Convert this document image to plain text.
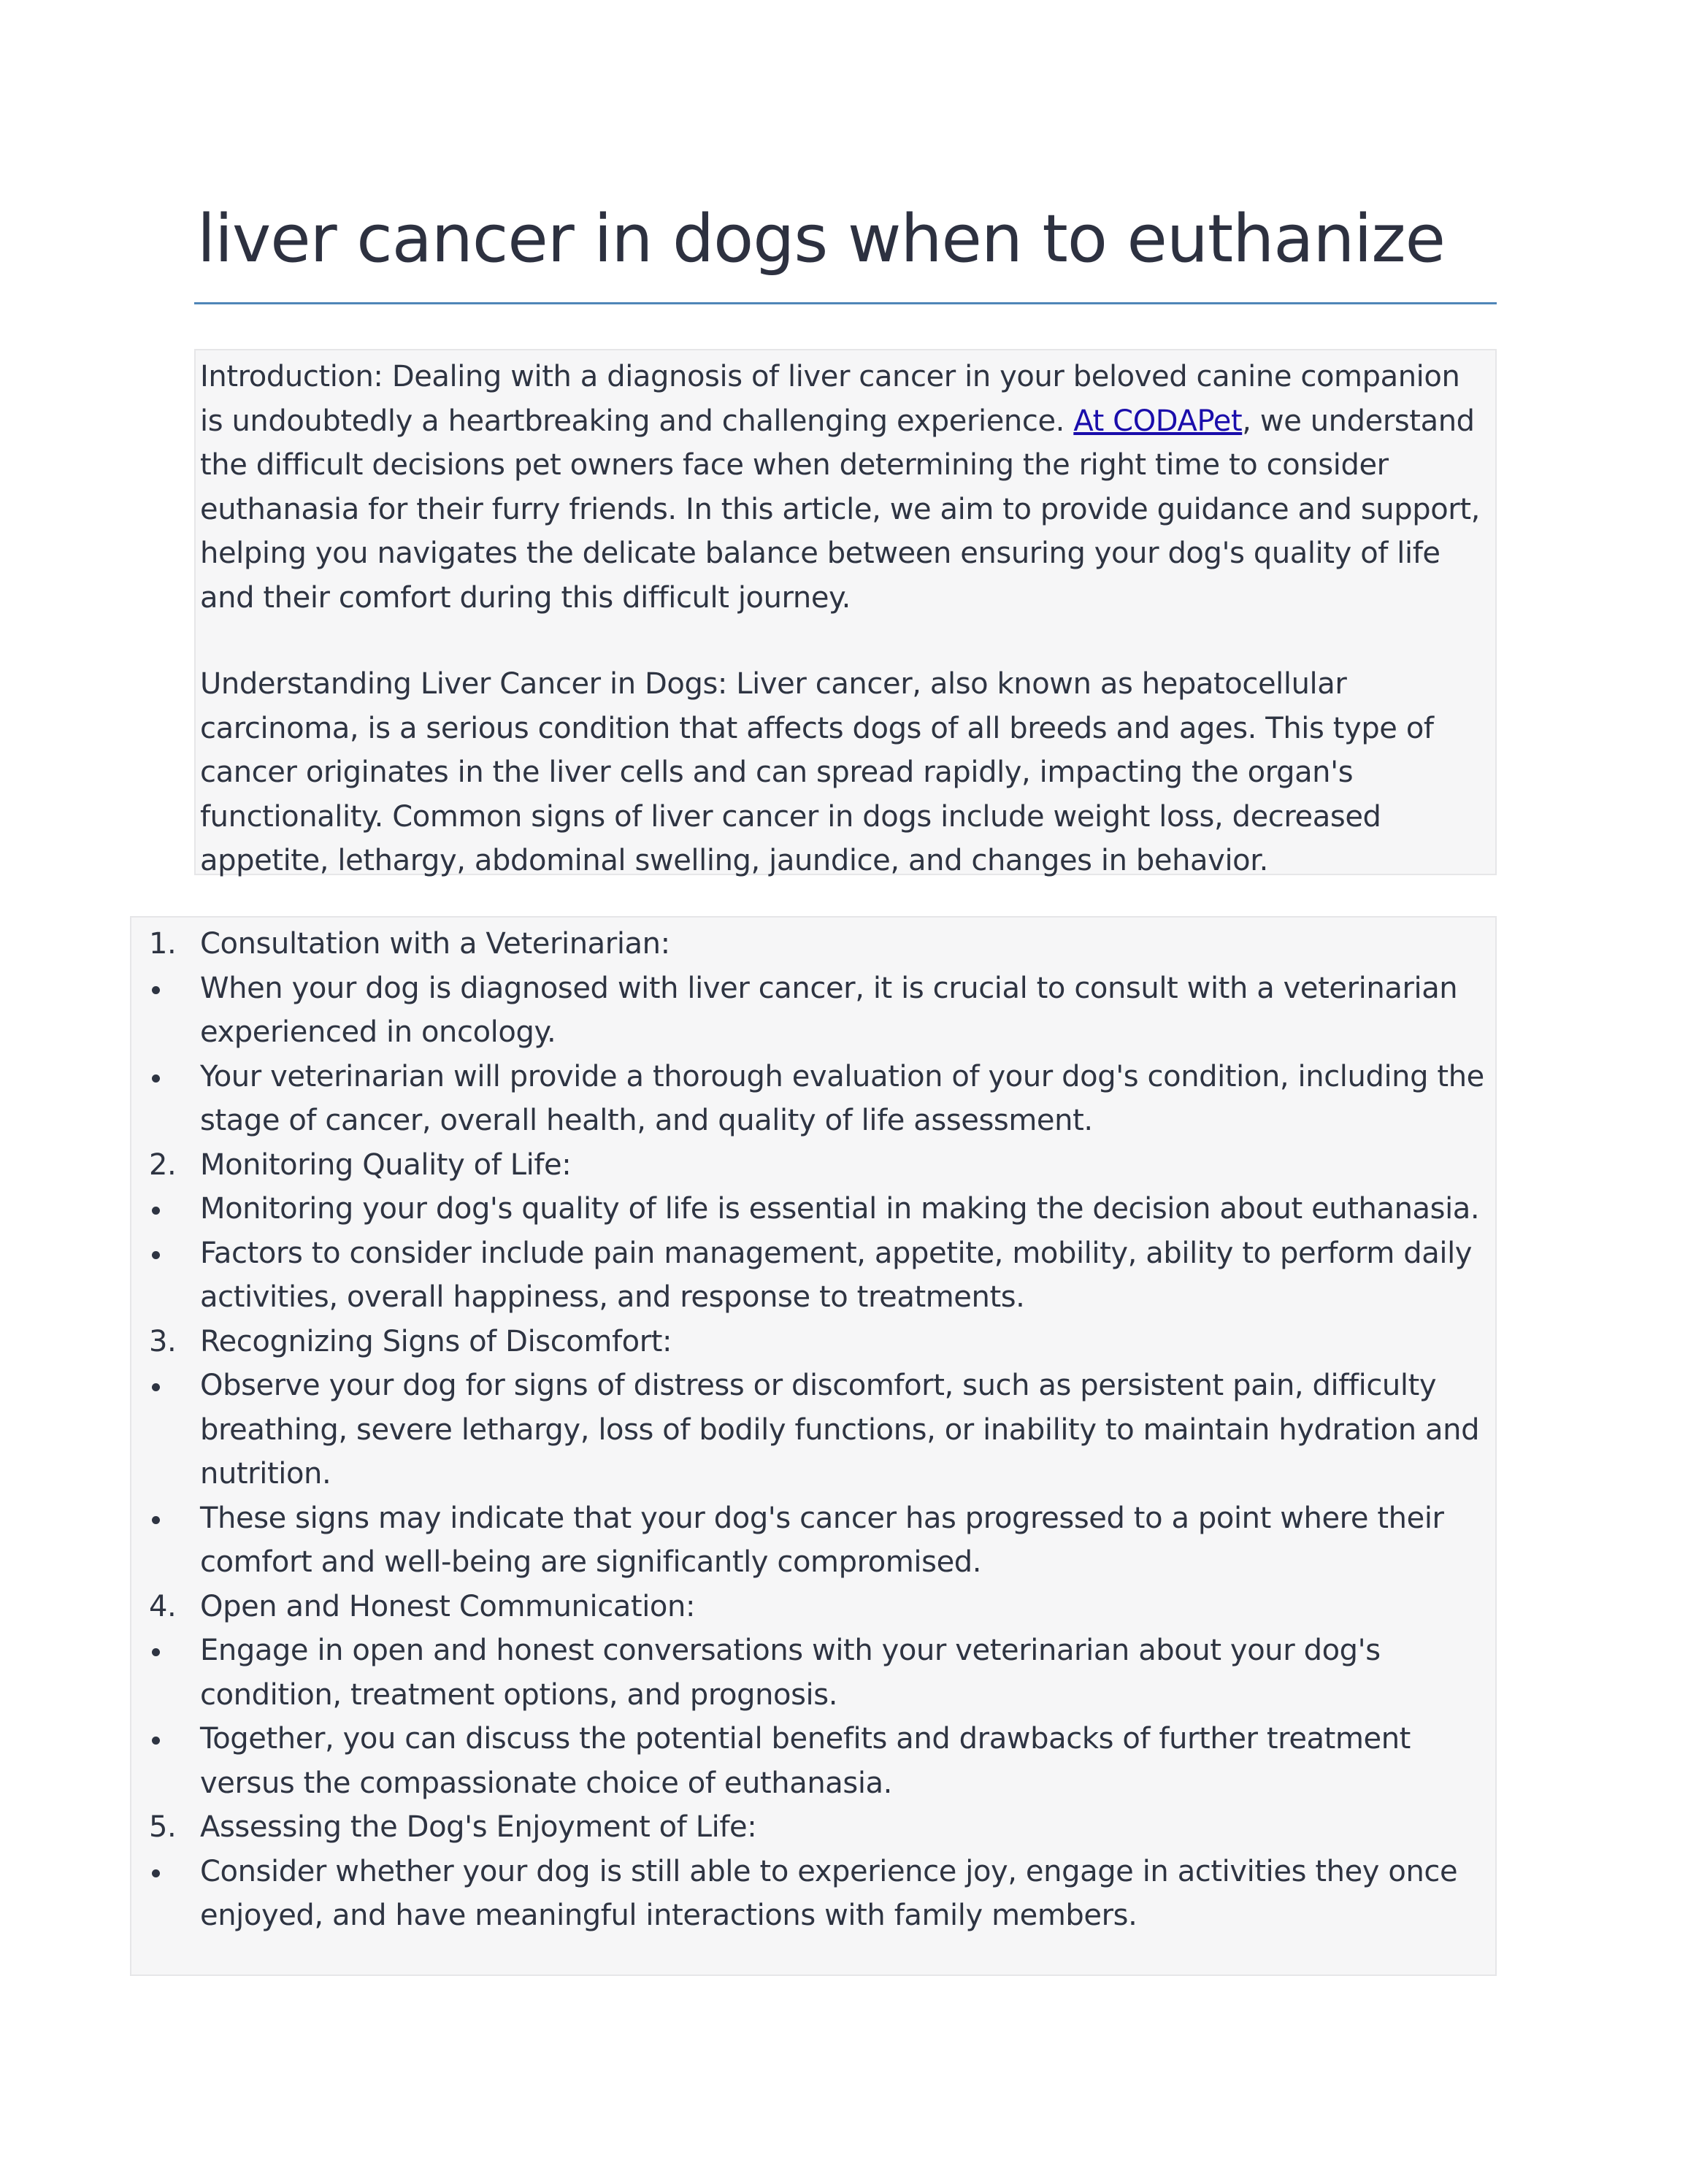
liver cancer in dogs when to euthanize

Introduction: Dealing with a diagnosis of liver cancer in your beloved canine companion is undoubtedly a heartbreaking and challenging experience. At CODAPet, we understand the difficult decisions pet owners face when determining the right time to consider euthanasia for their furry friends. In this article, we aim to provide guidance and support, helping you navigates the delicate balance between ensuring your dog's quality of life and their comfort during this difficult journey.

Understanding Liver Cancer in Dogs: Liver cancer, also known as hepatocellular carcinoma, is a serious condition that affects dogs of all breeds and ages. This type of cancer originates in the liver cells and can spread rapidly, impacting the organ's functionality. Common signs of liver cancer in dogs include weight loss, decreased appetite, lethargy, abdominal swelling, jaundice, and changes in behavior.

1. Consultation with a Veterinarian:
When your dog is diagnosed with liver cancer, it is crucial to consult with a veterinarian experienced in oncology.
Your veterinarian will provide a thorough evaluation of your dog's condition, including the stage of cancer, overall health, and quality of life assessment.
2. Monitoring Quality of Life:
Monitoring your dog's quality of life is essential in making the decision about euthanasia.
Factors to consider include pain management, appetite, mobility, ability to perform daily activities, overall happiness, and response to treatments.
3. Recognizing Signs of Discomfort:
Observe your dog for signs of distress or discomfort, such as persistent pain, difficulty breathing, severe lethargy, loss of bodily functions, or inability to maintain hydration and nutrition.
These signs may indicate that your dog's cancer has progressed to a point where their comfort and well-being are significantly compromised.
4. Open and Honest Communication:
Engage in open and honest conversations with your veterinarian about your dog's condition, treatment options, and prognosis.
Together, you can discuss the potential benefits and drawbacks of further treatment versus the compassionate choice of euthanasia.
5. Assessing the Dog's Enjoyment of Life:
Consider whether your dog is still able to experience joy, engage in activities they once enjoyed, and have meaningful interactions with family members.
